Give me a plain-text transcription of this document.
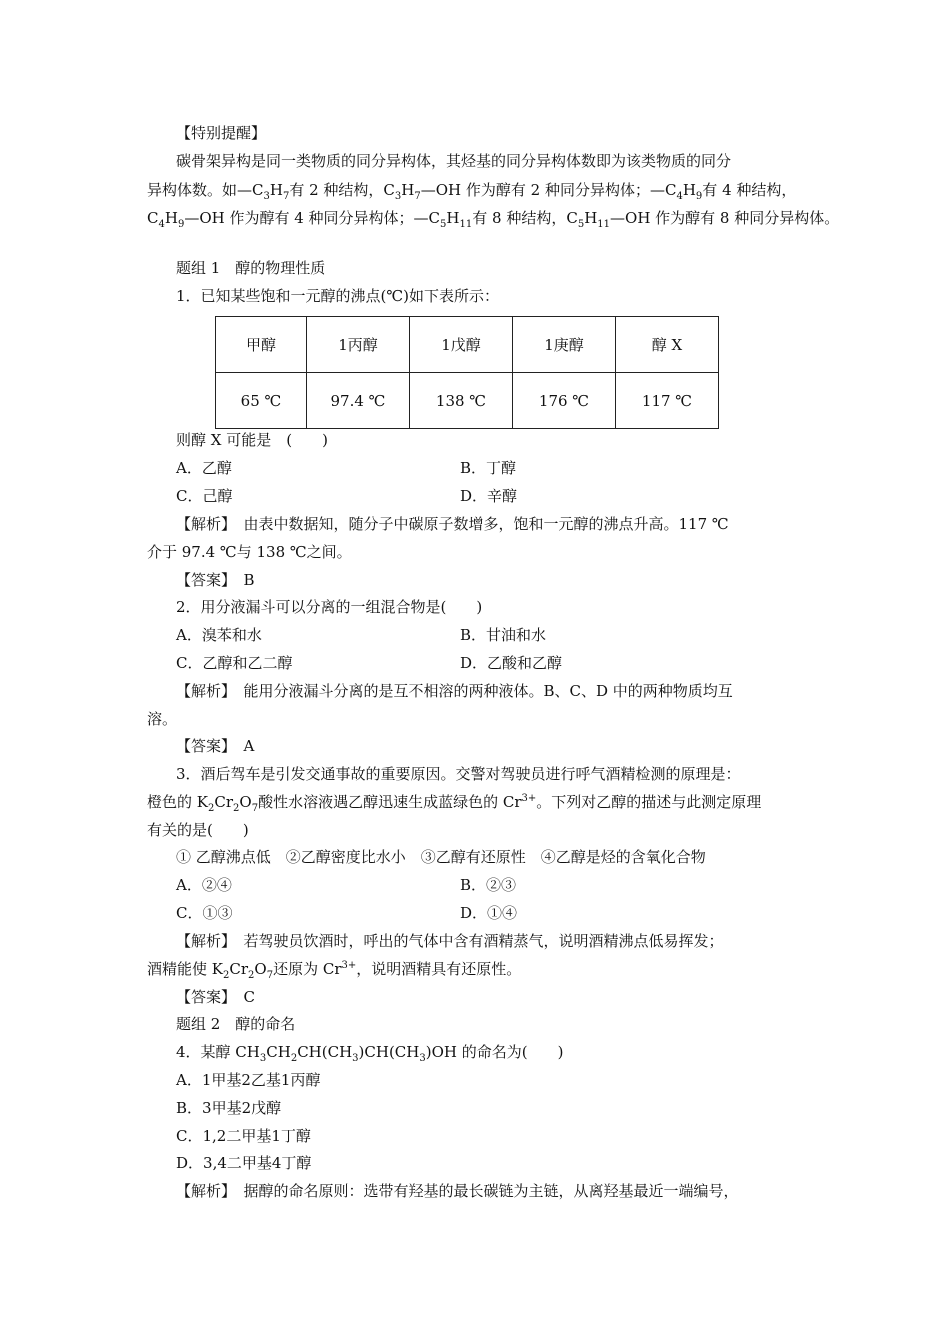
【特别提醒】
碳骨架异构是同一类物质的同分异构体，其烃基的同分异构体数即为该类物质的同分
异构体数。如$—C_3H_7$有 2 种结构，$C_3H_7—OH$ 作为醇有 2 种同分异构体；$—C_4H_9$有 4 种结构，
$C_4H_9—OH$ 作为醇有 4 种同分异构体；$—C_5H_{11}$有 8 种结构，$C_5H_{11}—OH$ 作为醇有 8 种同分异构体。
题组 1　醇的物理性质
1．已知某些饱和一元醇的沸点(℃)如下表所示：
甲醇	1丙醇	1戊醇	1庚醇	醇 X
65 ℃	97.4 ℃	138 ℃	176 ℃	117 ℃
则醇 X 可能是　(　　)
A．乙醇	B．丁醇
C．己醇	D．辛醇
【解析】　由表中数据知，随分子中碳原子数增多，饱和一元醇的沸点升高。117 ℃
介于 97.4 ℃与 138 ℃之间。
【答案】　B
2．用分液漏斗可以分离的一组混合物是(　　)
A．溴苯和水	B．甘油和水
C．乙醇和乙二醇	D．乙酸和乙醇
【解析】　能用分液漏斗分离的是互不相溶的两种液体。B、C、D 中的两种物质均互
溶。
【答案】　A
3．酒后驾车是引发交通事故的重要原因。交警对驾驶员进行呼气酒精检测的原理是：
橙色的 $K_2Cr_2O_7$酸性水溶液遇乙醇迅速生成蓝绿色的 $Cr^{3+}$。下列对乙醇的描述与此测定原理
有关的是(　　)
① 乙醇沸点低　②乙醇密度比水小　③乙醇有还原性　④乙醇是烃的含氧化合物
A．②④	B．②③
C．①③	D．①④
【解析】　若驾驶员饮酒时，呼出的气体中含有酒精蒸气，说明酒精沸点低易挥发；
酒精能使 $K_2Cr_2O_7$还原为 $Cr^{3+}$，说明酒精具有还原性。
【答案】　C
题组 2　醇的命名
4．某醇 $CH_3CH_2CH(CH_3)CH(CH_3)OH$ 的命名为(　　)
A．1甲基2乙基1丙醇
B．3甲基2戊醇
C．1,2二甲基1丁醇
D．3,4二甲基4丁醇
【解析】　据醇的命名原则：选带有羟基的最长碳链为主链，从离羟基最近一端编号，
